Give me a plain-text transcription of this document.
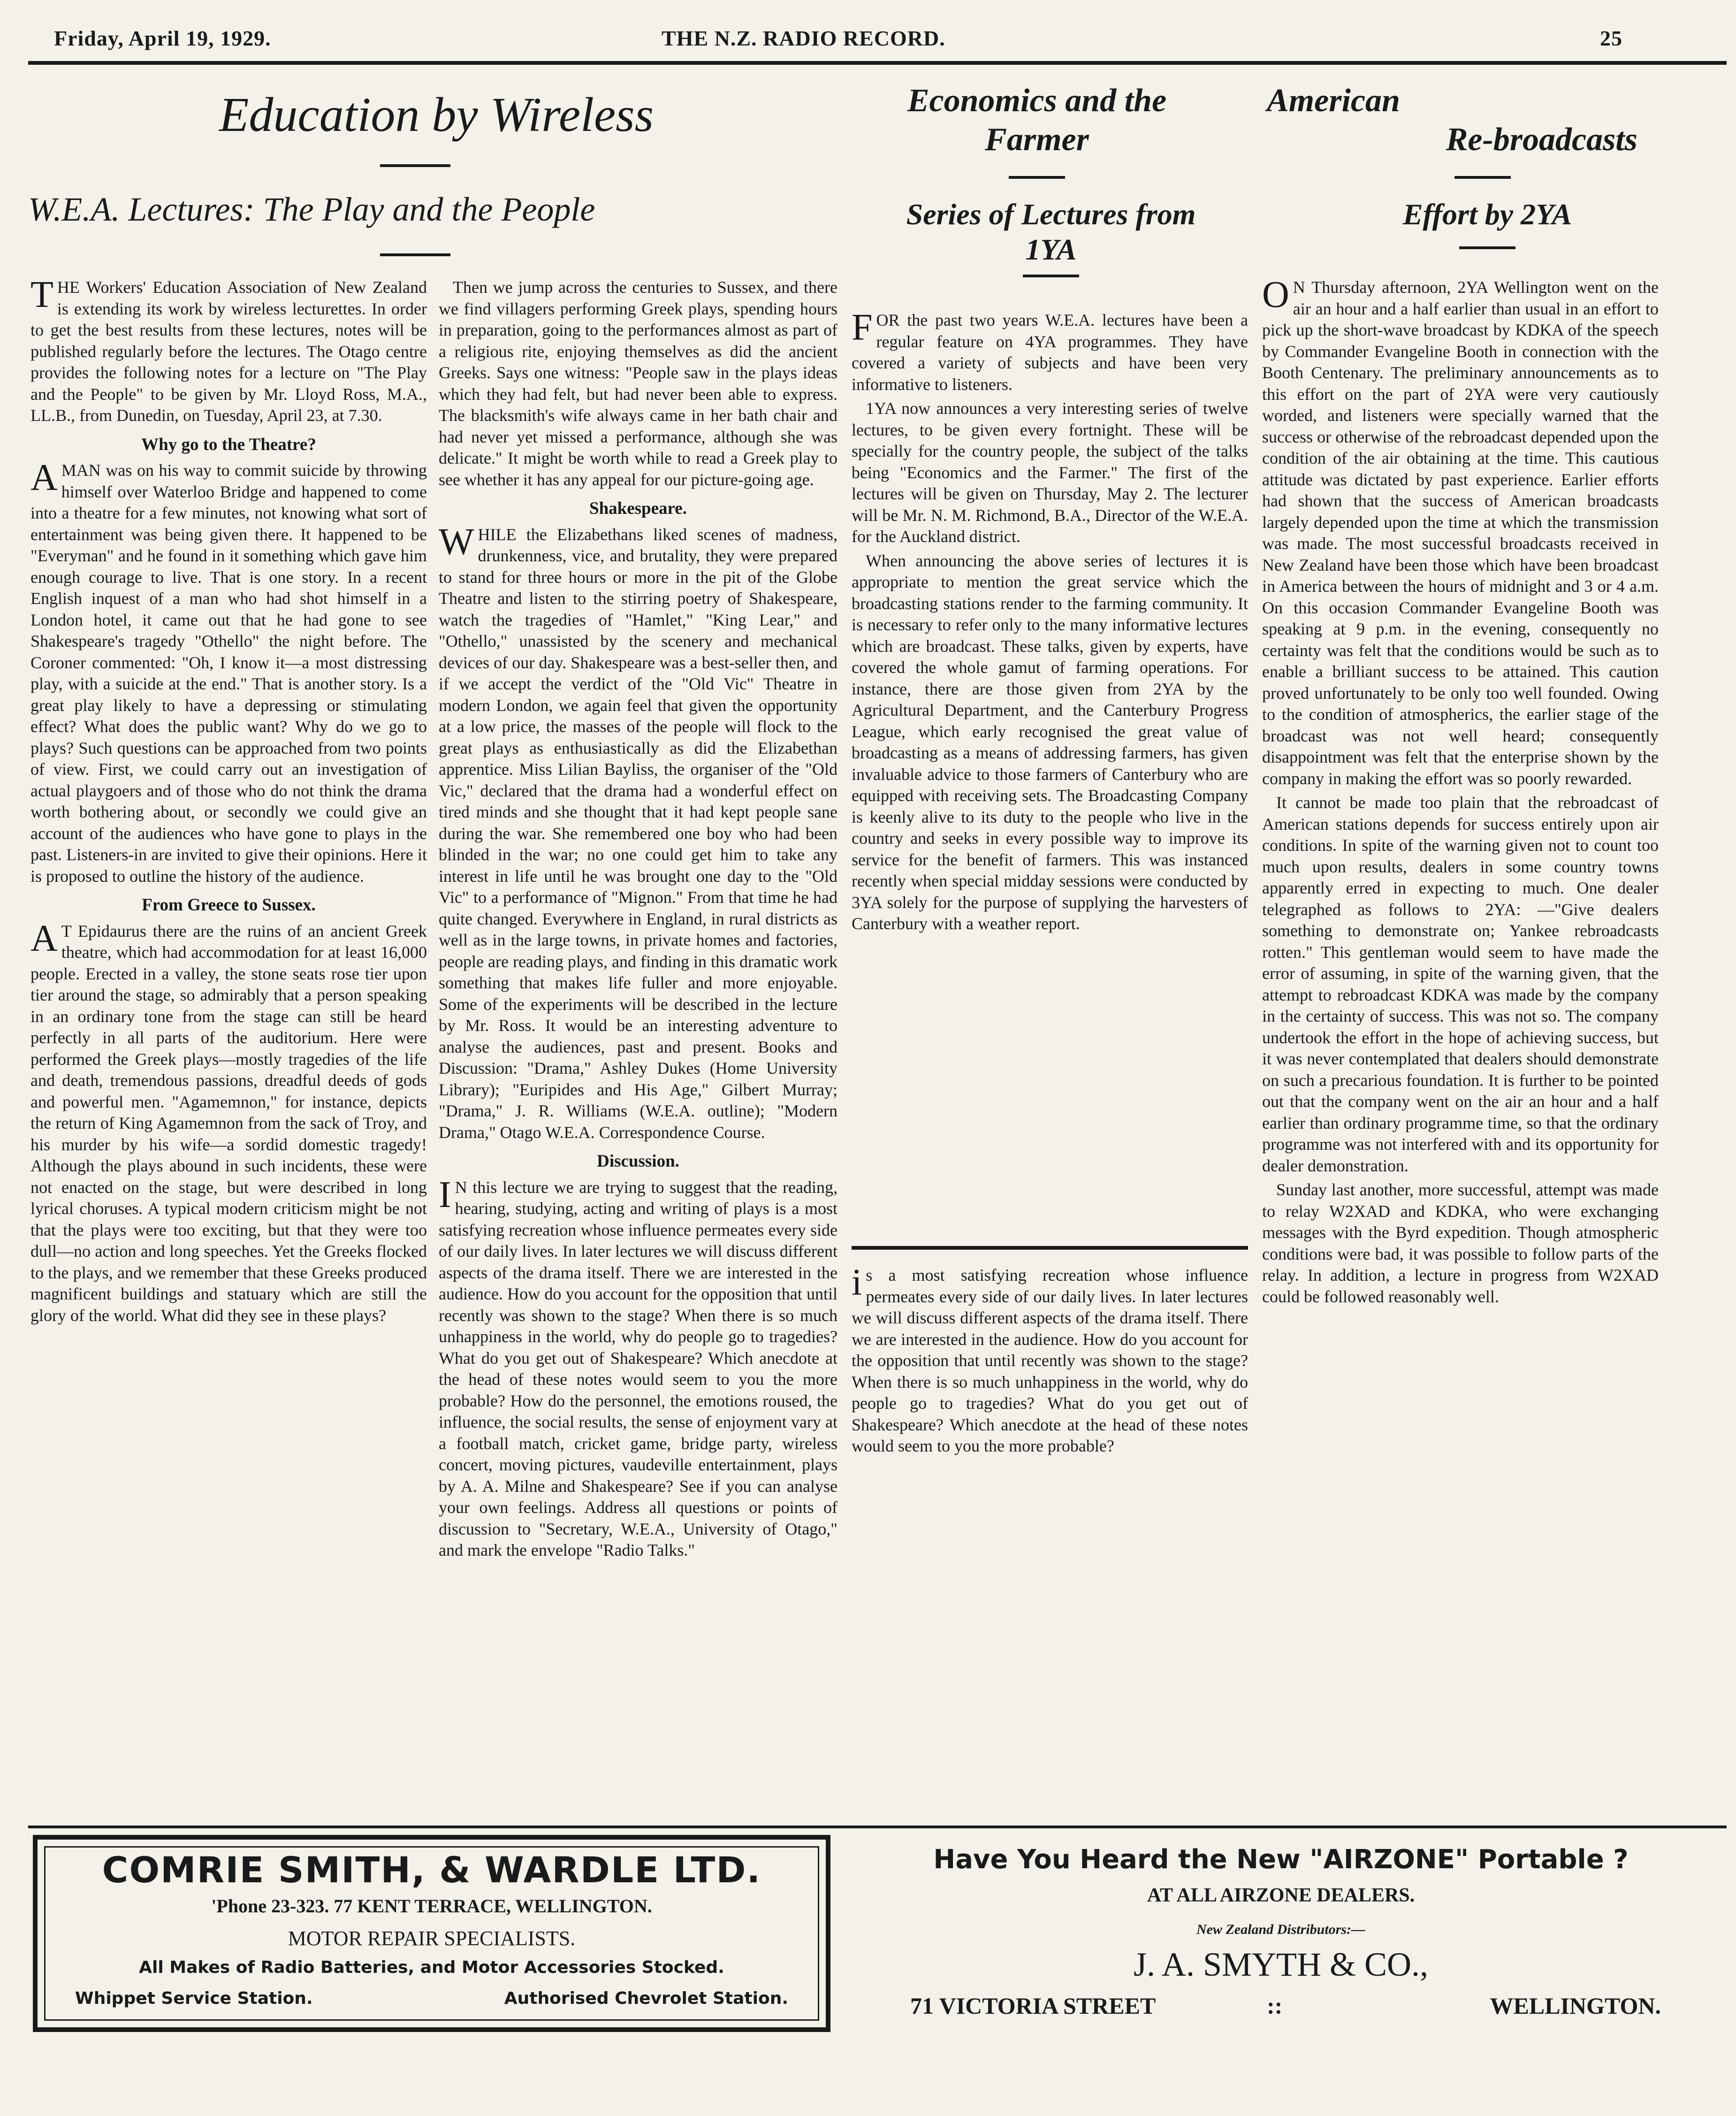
Friday, April 19, 1929.	THE N.Z. RADIO RECORD.	25
Education by Wireless
W.E.A. Lectures: The Play and the People
Economics and the
Farmer
Series of Lectures from
1YA
American
Re-broadcasts
Effort by 2YA

THE Workers' Education Association of New Zealand is extending its work by wireless lecturettes. In order to get the best results from these lectures, notes will be published regularly before the lectures. The Otago centre provides the following notes for a lecture on "The Play and the People" to be given by Mr. Lloyd Ross, M.A., LL.B., from Dunedin, on Tuesday, April 23, at 7.30.

Why go to the Theatre?

AMAN was on his way to commit suicide by throwing himself over Waterloo Bridge and happened to come into a theatre for a few minutes, not knowing what sort of entertainment was being given there. It happened to be "Everyman" and he found in it something which gave him enough courage to live. That is one story. In a recent English inquest of a man who had shot himself in a London hotel, it came out that he had gone to see Shakespeare's tragedy "Othello" the night before. The Coroner commented: "Oh, I know it—a most distressing play, with a suicide at the end." That is another story. Is a great play likely to have a depressing or stimulating effect? What does the public want? Why do we go to plays? Such questions can be approached from two points of view. First, we could carry out an investigation of actual playgoers and of those who do not think the drama worth bothering about, or secondly we could give an account of the audiences who have gone to plays in the past. Listeners-in are invited to give their opinions. Here it is proposed to outline the history of the audience.

From Greece to Sussex.

AT Epidaurus there are the ruins of an ancient Greek theatre, which had accommodation for at least 16,000 people. Erected in a valley, the stone seats rose tier upon tier around the stage, so admirably that a person speaking in an ordinary tone from the stage can still be heard perfectly in all parts of the auditorium. Here were performed the Greek plays—mostly tragedies of the life and death, tremendous passions, dreadful deeds of gods and powerful men. "Agamemnon," for instance, depicts the return of King Agamemnon from the sack of Troy, and his murder by his wife—a sordid domestic tragedy! Although the plays abound in such incidents, these were not enacted on the stage, but were described in long lyrical choruses. A typical modern criticism might be not that the plays were too exciting, but that they were too dull—no action and long speeches. Yet the Greeks flocked to the plays, and we remember that these Greeks produced magnificent buildings and statuary which are still the glory of the world. What did they see in these plays?

Then we jump across the centuries to Sussex, and there we find villagers performing Greek plays, spending hours in preparation, going to the performances almost as part of a religious rite, enjoying themselves as did the ancient Greeks. Says one witness: "People saw in the plays ideas which they had felt, but had never been able to express. The blacksmith's wife always came in her bath chair and had never yet missed a performance, although she was delicate." It might be worth while to read a Greek play to see whether it has any appeal for our picture-going age.

Shakespeare.

WHILE the Elizabethans liked scenes of madness, drunkenness, vice, and brutality, they were prepared to stand for three hours or more in the pit of the Globe Theatre and listen to the stirring poetry of Shakespeare, watch the tragedies of "Hamlet," "King Lear," and "Othello," unassisted by the scenery and mechanical devices of our day. Shakespeare was a best-seller then, and if we accept the verdict of the "Old Vic" Theatre in modern London, we again feel that given the opportunity at a low price, the masses of the people will flock to the great plays as enthusiastically as did the Elizabethan apprentice. Miss Lilian Bayliss, the organiser of the "Old Vic," declared that the drama had a wonderful effect on tired minds and she thought that it had kept people sane during the war. She remembered one boy who had been blinded in the war; no one could get him to take any interest in life until he was brought one day to the "Old Vic" to a performance of "Mignon." From that time he had quite changed. Everywhere in England, in rural districts as well as in the large towns, in private homes and factories, people are reading plays, and finding in this dramatic work something that makes life fuller and more enjoyable. Some of the experiments will be described in the lecture by Mr. Ross. It would be an interesting adventure to analyse the audiences, past and present. Books and Discussion: "Drama," Ashley Dukes (Home University Library); "Euripides and His Age," Gilbert Murray; "Drama," J. R. Williams (W.E.A. outline); "Modern Drama," Otago W.E.A. Correspondence Course.

Discussion.

IN this lecture we are trying to suggest that the reading, hearing, studying, acting and writing of plays is a most satisfying recreation whose influence permeates every side of our daily lives. In later lectures we will discuss different aspects of the drama itself. There we are interested in the audience. How do you account for the opposition that until recently was shown to the stage? When there is so much unhappiness in the world, why do people go to tragedies? What do you get out of Shakespeare? Which anecdote at the head of these notes would seem to you the more probable? How do the personnel, the emotions roused, the influence, the social results, the sense of enjoyment vary at a football match, cricket game, bridge party, wireless concert, moving pictures, vaudeville entertainment, plays by A. A. Milne and Shakespeare? See if you can analyse your own feelings. Address all questions or points of discussion to "Secretary, W.E.A., University of Otago," and mark the envelope "Radio Talks."

FOR the past two years W.E.A. lectures have been a regular feature on 4YA programmes. They have covered a variety of subjects and have been very informative to listeners.

1YA now announces a very interesting series of twelve lectures, to be given every fortnight. These will be specially for the country people, the subject of the talks being "Economics and the Farmer." The first of the lectures will be given on Thursday, May 2. The lecturer will be Mr. N. M. Richmond, B.A., Director of the W.E.A. for the Auckland district.

When announcing the above series of lectures it is appropriate to mention the great service which the broadcasting stations render to the farming community. It is necessary to refer only to the many informative lectures which are broadcast. These talks, given by experts, have covered the whole gamut of farming operations. For instance, there are those given from 2YA by the Agricultural Department, and the Canterbury Progress League, which early recognised the great value of broadcasting as a means of addressing farmers, has given invaluable advice to those farmers of Canterbury who are equipped with receiving sets. The Broadcasting Company is keenly alive to its duty to the people who live in the country and seeks in every possible way to improve its service for the benefit of farmers. This was instanced recently when special midday sessions were conducted by 3YA solely for the purpose of supplying the harvesters of Canterbury with a weather report.

is a most satisfying recreation whose influence permeates every side of our daily lives. In later lectures we will discuss different aspects of the drama itself. There we are interested in the audience. How do you account for the opposition that until recently was shown to the stage? When there is so much unhappiness in the world, why do people go to tragedies? What do you get out of Shakespeare? Which anecdote at the head of these notes would seem to you the more probable?

ON Thursday afternoon, 2YA Wellington went on the air an hour and a half earlier than usual in an effort to pick up the short-wave broadcast by KDKA of the speech by Commander Evangeline Booth in connection with the Booth Centenary. The preliminary announcements as to this effort on the part of 2YA were very cautiously worded, and listeners were specially warned that the success or otherwise of the rebroadcast depended upon the condition of the air obtaining at the time. This cautious attitude was dictated by past experience. Earlier efforts had shown that the success of American broadcasts largely depended upon the time at which the transmission was made. The most successful broadcasts received in New Zealand have been those which have been broadcast in America between the hours of midnight and 3 or 4 a.m. On this occasion Commander Evangeline Booth was speaking at 9 p.m. in the evening, consequently no certainty was felt that the conditions would be such as to enable a brilliant success to be attained. This caution proved unfortunately to be only too well founded. Owing to the condition of atmospherics, the earlier stage of the broadcast was not well heard; consequently disappointment was felt that the enterprise shown by the company in making the effort was so poorly rewarded.

It cannot be made too plain that the rebroadcast of American stations depends for success entirely upon air conditions. In spite of the warning given not to count too much upon results, dealers in some country towns apparently erred in expecting to much. One dealer telegraphed as follows to 2YA: —"Give dealers something to demonstrate on; Yankee rebroadcasts rotten." This gentleman would seem to have made the error of assuming, in spite of the warning given, that the attempt to rebroadcast KDKA was made by the company in the certainty of success. This was not so. The company undertook the effort in the hope of achieving success, but it was never contemplated that dealers should demonstrate on such a precarious foundation. It is further to be pointed out that the company went on the air an hour and a half earlier than ordinary programme time, so that the ordinary programme was not interfered with and its opportunity for dealer demonstration.

Sunday last another, more successful, attempt was made to relay W2XAD and KDKA, who were exchanging messages with the Byrd expedition. Though atmospheric conditions were bad, it was possible to follow parts of the relay. In addition, a lecture in progress from W2XAD could be followed reasonably well.

COMRIE SMITH, & WARDLE LTD.
'Phone 23-323. 77 KENT TERRACE, WELLINGTON.
MOTOR REPAIR SPECIALISTS.
All Makes of Radio Batteries, and Motor Accessories Stocked.
Whippet Service Station.	Authorised Chevrolet Station.
Have You Heard the New "AIRZONE" Portable ?
AT ALL AIRZONE DEALERS.
New Zealand Distributors:—
J. A. SMYTH & CO.,
71 VICTORIA STREET	::	WELLINGTON.
